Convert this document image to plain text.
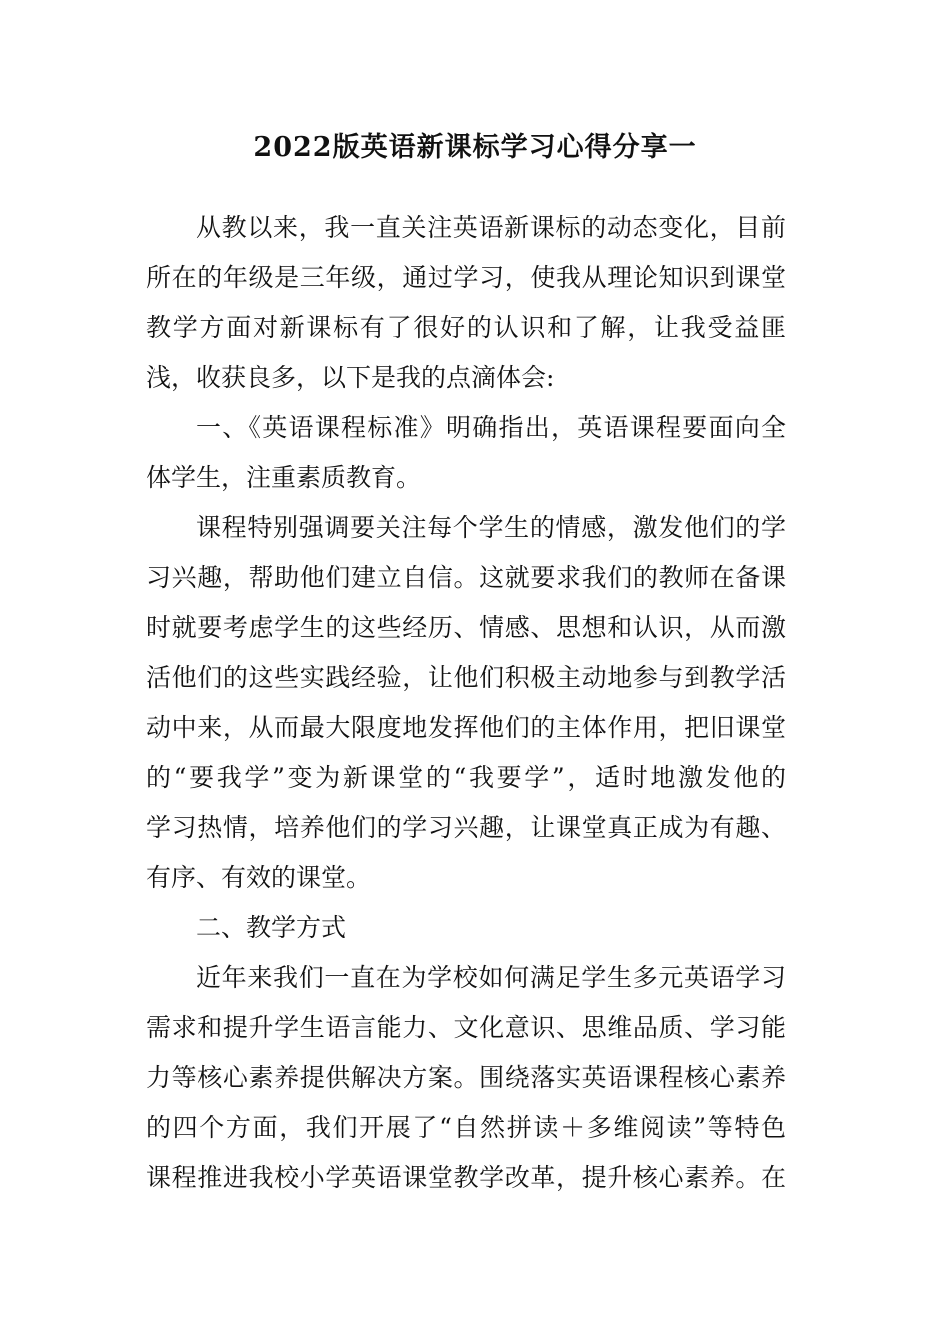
2022版英语新课标学习心得分享一
从教以来，我一直关注英语新课标的动态变化，目前
所在的年级是三年级，通过学习，使我从理论知识到课堂
教学方面对新课标有了很好的认识和了解，让我受益匪
浅，收获良多，以下是我的点滴体会:
一、《英语课程标准》明确指出，英语课程要面向全
体学生，注重素质教育。
课程特别强调要关注每个学生的情感，激发他们的学
习兴趣，帮助他们建立自信。这就要求我们的教师在备课
时就要考虑学生的这些经历、情感、思想和认识，从而激
活他们的这些实践经验，让他们积极主动地参与到教学活
动中来，从而最大限度地发挥他们的主体作用，把旧课堂
的“要我学”变为新课堂的“我要学”，适时地激发他的
学习热情，培养他们的学习兴趣，让课堂真正成为有趣、
有序、有效的课堂。
二、教学方式
近年来我们一直在为学校如何满足学生多元英语学习
需求和提升学生语言能力、文化意识、思维品质、学习能
力等核心素养提供解决方案。围绕落实英语课程核心素养
的四个方面，我们开展了“自然拼读＋多维阅读”等特色
课程推进我校小学英语课堂教学改革，提升核心素养。在
